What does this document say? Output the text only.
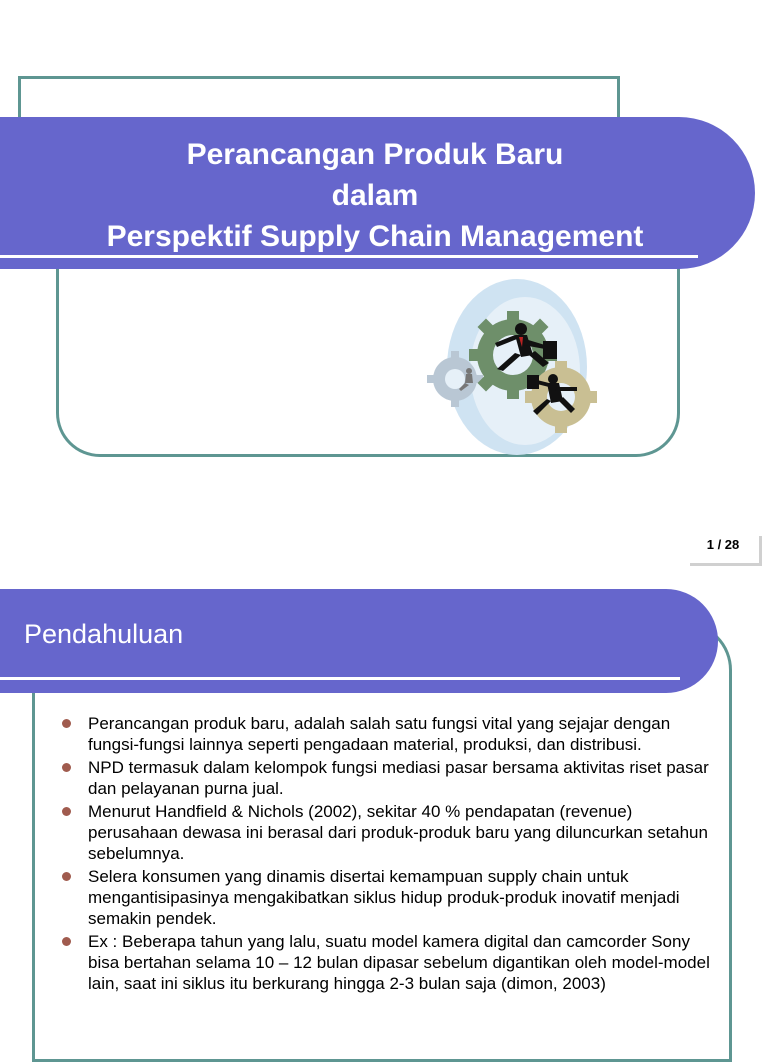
Perancangan Produk Baru
dalam
Perspektif Supply Chain Management
1 / 28
Pendahuluan
Perancangan produk baru, adalah salah satu fungsi vital yang sejajar dengan fungsi-fungsi lainnya seperti pengadaan material, produksi, dan distribusi.
NPD termasuk dalam kelompok fungsi mediasi pasar bersama aktivitas riset pasar dan pelayanan purna jual.
Menurut Handfield & Nichols (2002), sekitar 40 % pendapatan (revenue) perusahaan dewasa ini berasal dari produk-produk baru yang diluncurkan setahun sebelumnya.
Selera konsumen yang dinamis disertai kemampuan supply chain untuk mengantisipasinya mengakibatkan siklus hidup produk-produk inovatif menjadi semakin pendek.
Ex : Beberapa tahun yang lalu, suatu model kamera digital dan camcorder Sony bisa bertahan selama 10 – 12 bulan dipasar sebelum digantikan oleh model-model lain, saat ini siklus itu berkurang hingga 2-3 bulan saja (dimon, 2003)
